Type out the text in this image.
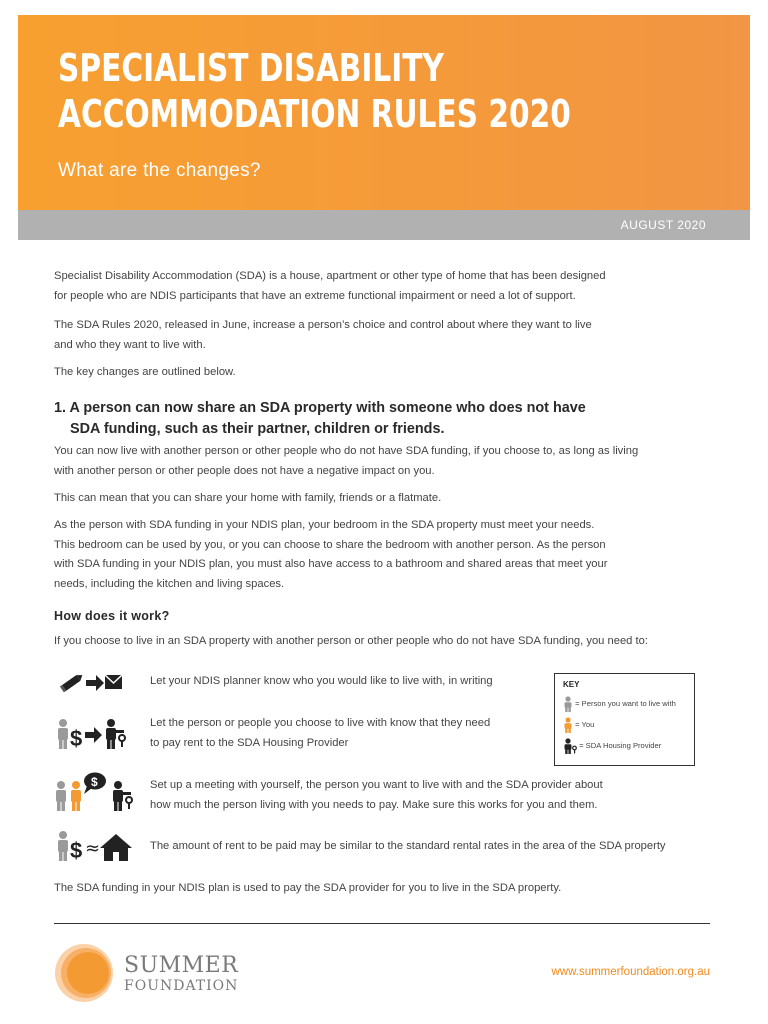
SPECIALIST DISABILITY
ACCOMMODATION RULES 2020
What are the changes?
AUGUST 2020

Specialist Disability Accommodation (SDA) is a house, apartment or other type of home that has been designed
for people who are NDIS participants that have an extreme functional impairment or need a lot of support.

The SDA Rules 2020, released in June, increase a person’s choice and control about where they want to live
and who they want to live with.

The key changes are outlined below.

1. A person can now share an SDA property with someone who does not have
SDA funding, such as their partner, children or friends.

You can now live with another person or other people who do not have SDA funding, if you choose to, as long as living
with another person or other people does not have a negative impact on you.

This can mean that you can share your home with family, friends or a flatmate.

As the person with SDA funding in your NDIS plan, your bedroom in the SDA property must meet your needs.
This bedroom can be used by you, or you can choose to share the bedroom with another person. As the person
with SDA funding in your NDIS plan, you must also have access to a bathroom and shared areas that meet your
needs, including the kitchen and living spaces.

How does it work?

If you choose to live in an SDA property with another person or other people who do not have SDA funding, you need to:

Let your NDIS planner know who you would like to live with, in writing
$
Let the person or people you choose to live with know that they need
to pay rent to the SDA Housing Provider
$	Set up a meeting with yourself, the person you want to live with and the SDA provider about
how much the person living with you needs to pay. Make sure this works for you and them.
$ ≈	The amount of rent to be paid may be similar to the standard rental rates in the area of the SDA property
KEY
= Person you want to live with
= You
= SDA Housing Provider

The SDA funding in your NDIS plan is used to pay the SDA provider for you to live in the SDA property.

SUMMER
FOUNDATION
www.summerfoundation.org.au
